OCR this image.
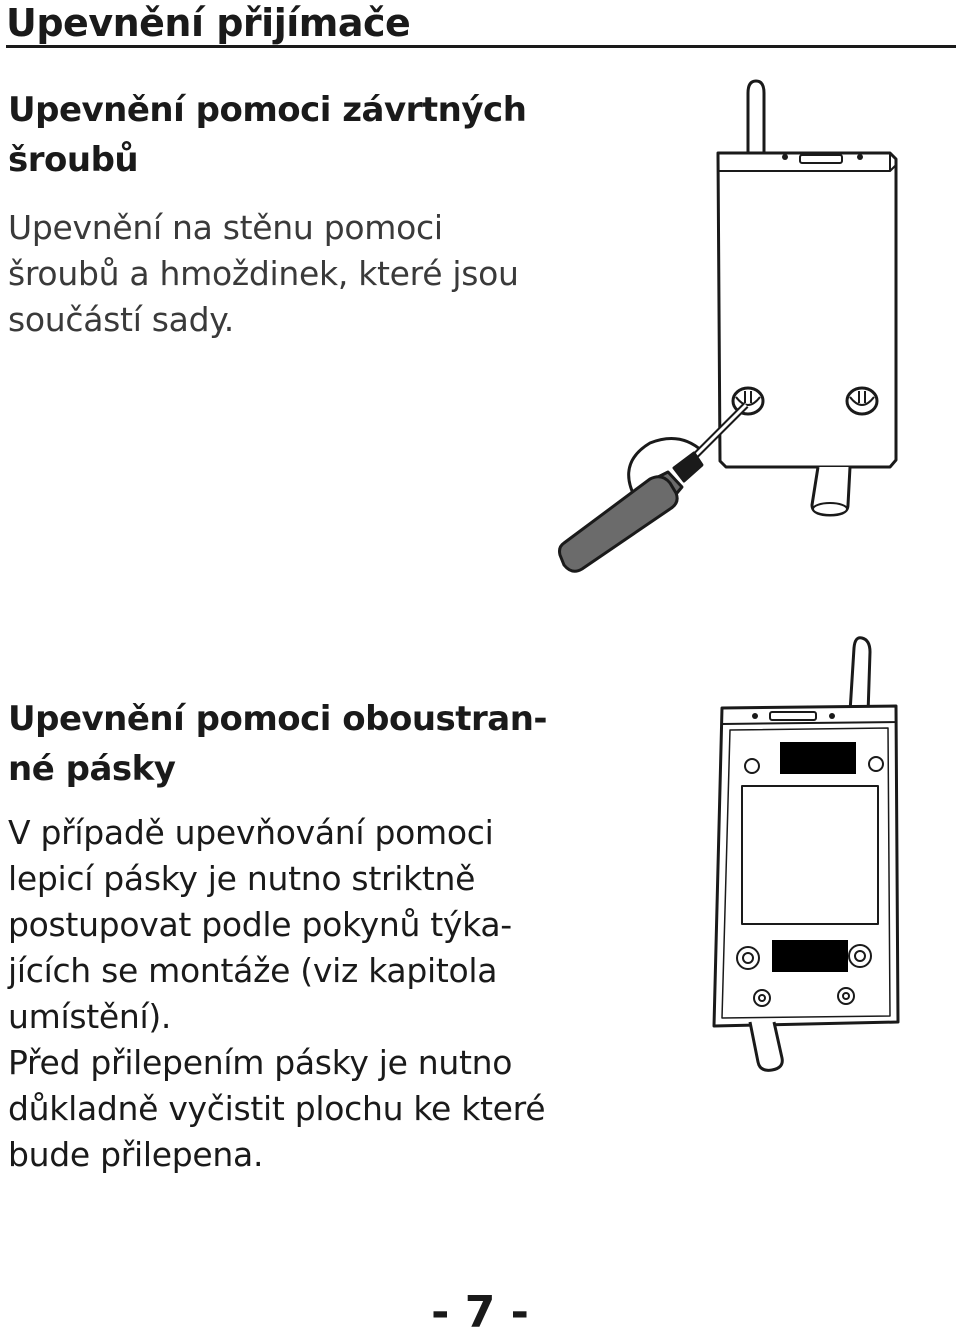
Upevnění přijímače
Upevnění pomoci závrtných
šroubů

Upevnění na stěnu pomoci
šroubů a hmoždinek, které jsou
součástí sady.

Upevnění pomoci oboustran-
né pásky

V případě upevňování pomoci
lepicí pásky je nutno striktně
postupovat podle pokynů týka-
jících se montáže (viz kapitola
umístění).
Před přilepením pásky je nutno
důkladně vyčistit plochu ke které
bude přilepena.

- 7 -
